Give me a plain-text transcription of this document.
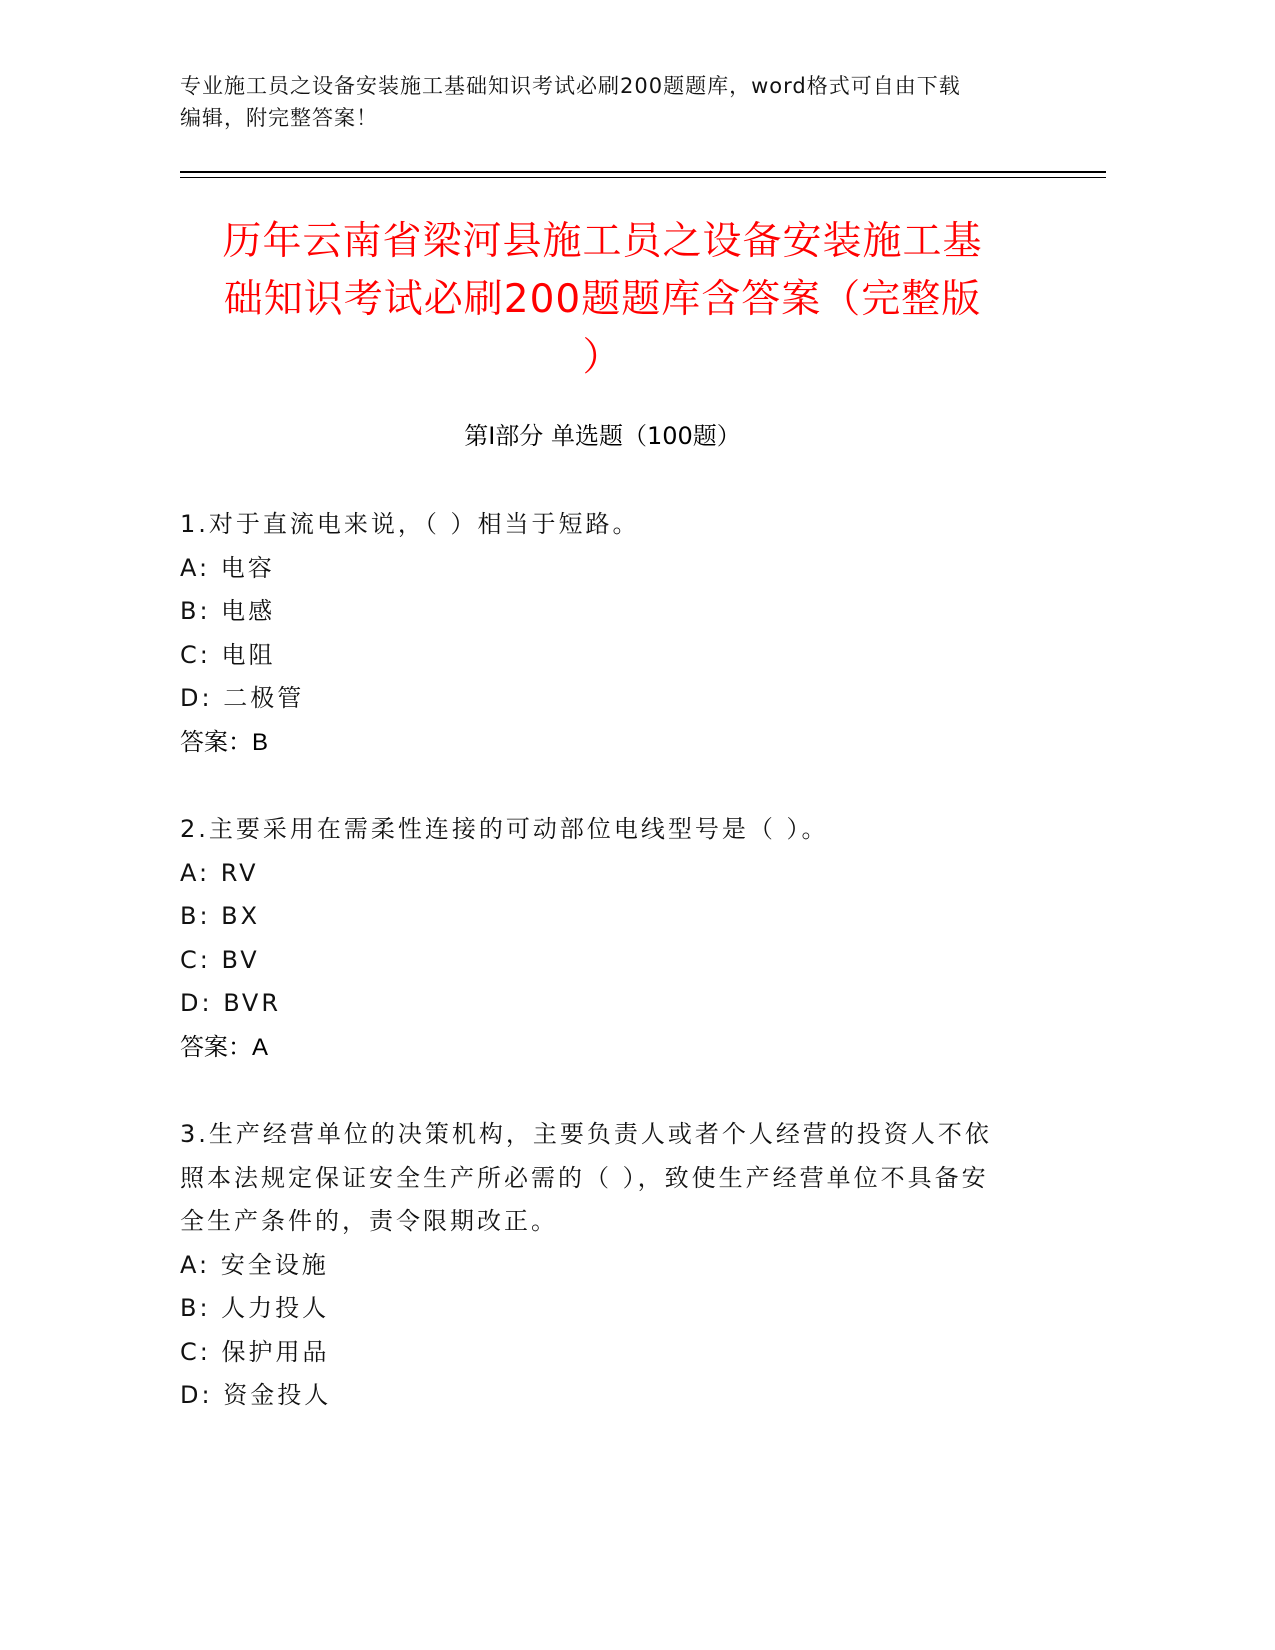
专业施工员之设备安装施工基础知识考试必刷200题题库，word格式可自由下载
编辑，附完整答案！
历年云南省梁河县施工员之设备安装施工基
础知识考试必刷200题题库含答案（完整版
）
第I部分 单选题（100题）
1.对于直流电来说，（ ）相当于短路。
A: 电容
B: 电感
C: 电阻
D: 二极管
答案：B
2.主要采用在需柔性连接的可动部位电线型号是（ ）。
A: RV
B: BX
C: BV
D: BVR
答案：A
3.生产经营单位的决策机构，主要负责人或者个人经营的投资人不依
照本法规定保证安全生产所必需的（ ），致使生产经营单位不具备安
全生产条件的，责令限期改正。
A: 安全设施
B: 人力投人
C: 保护用品
D: 资金投人
